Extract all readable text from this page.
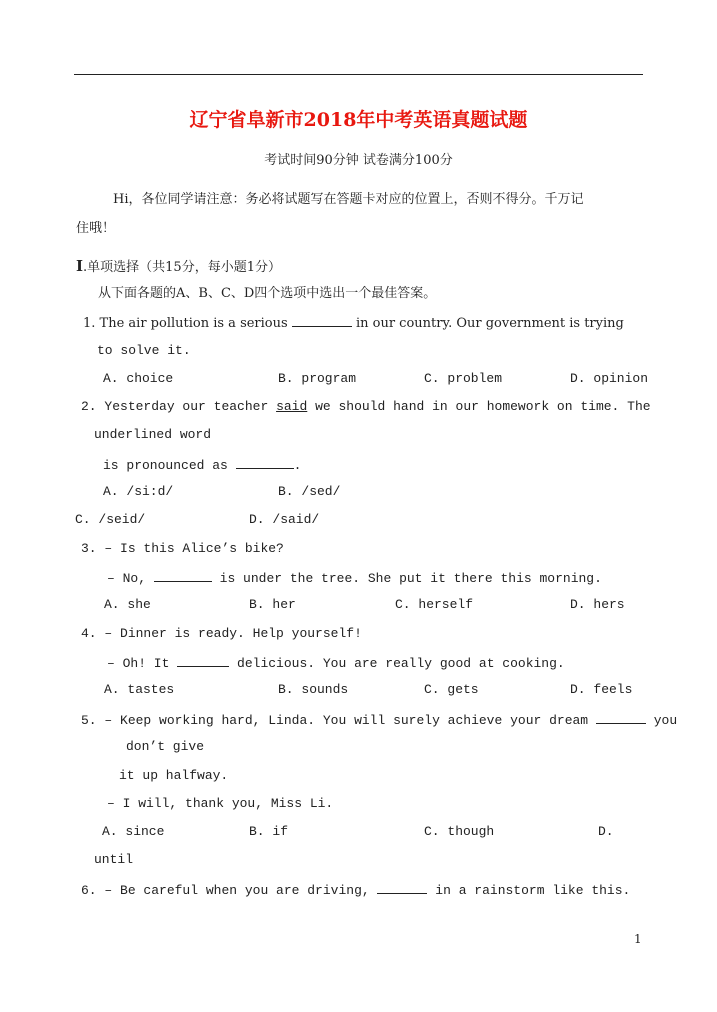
辽宁省阜新市2018年中考英语真题试题
考试时间90分钟 试卷满分100分
Hi，各位同学请注意：务必将试题写在答题卡对应的位置上，否则不得分。千万记
住哦！
Ⅰ.单项选择（共15分，每小题1分）
从下面各题的A、B、C、D四个选项中选出一个最佳答案。
1. The air pollution is a serious	in our country. Our government is trying
to solve it.
A. choice	B. program	C. problem	D. opinion
2. Yesterday our teacher said we should hand in our homework on time. The
underlined word
is pronounced as	.
A. /si:d/	B. /sed/
C. /seid/	D. /said/
3. – Is this Alice’s bike?
– No,	is under the tree. She put it there this morning.
A. she	B. her	C. herself	D. hers
4. – Dinner is ready. Help yourself!
– Oh! It	delicious. You are really good at cooking.
A. tastes	B. sounds	C. gets	D. feels
5. – Keep working hard, Linda. You will surely achieve your dream	you
don’t give
it up halfway.
– I will, thank you, Miss Li.
A. since	B. if	C. though	D.
until
6. – Be careful when you are driving,	in a rainstorm like this.
1
